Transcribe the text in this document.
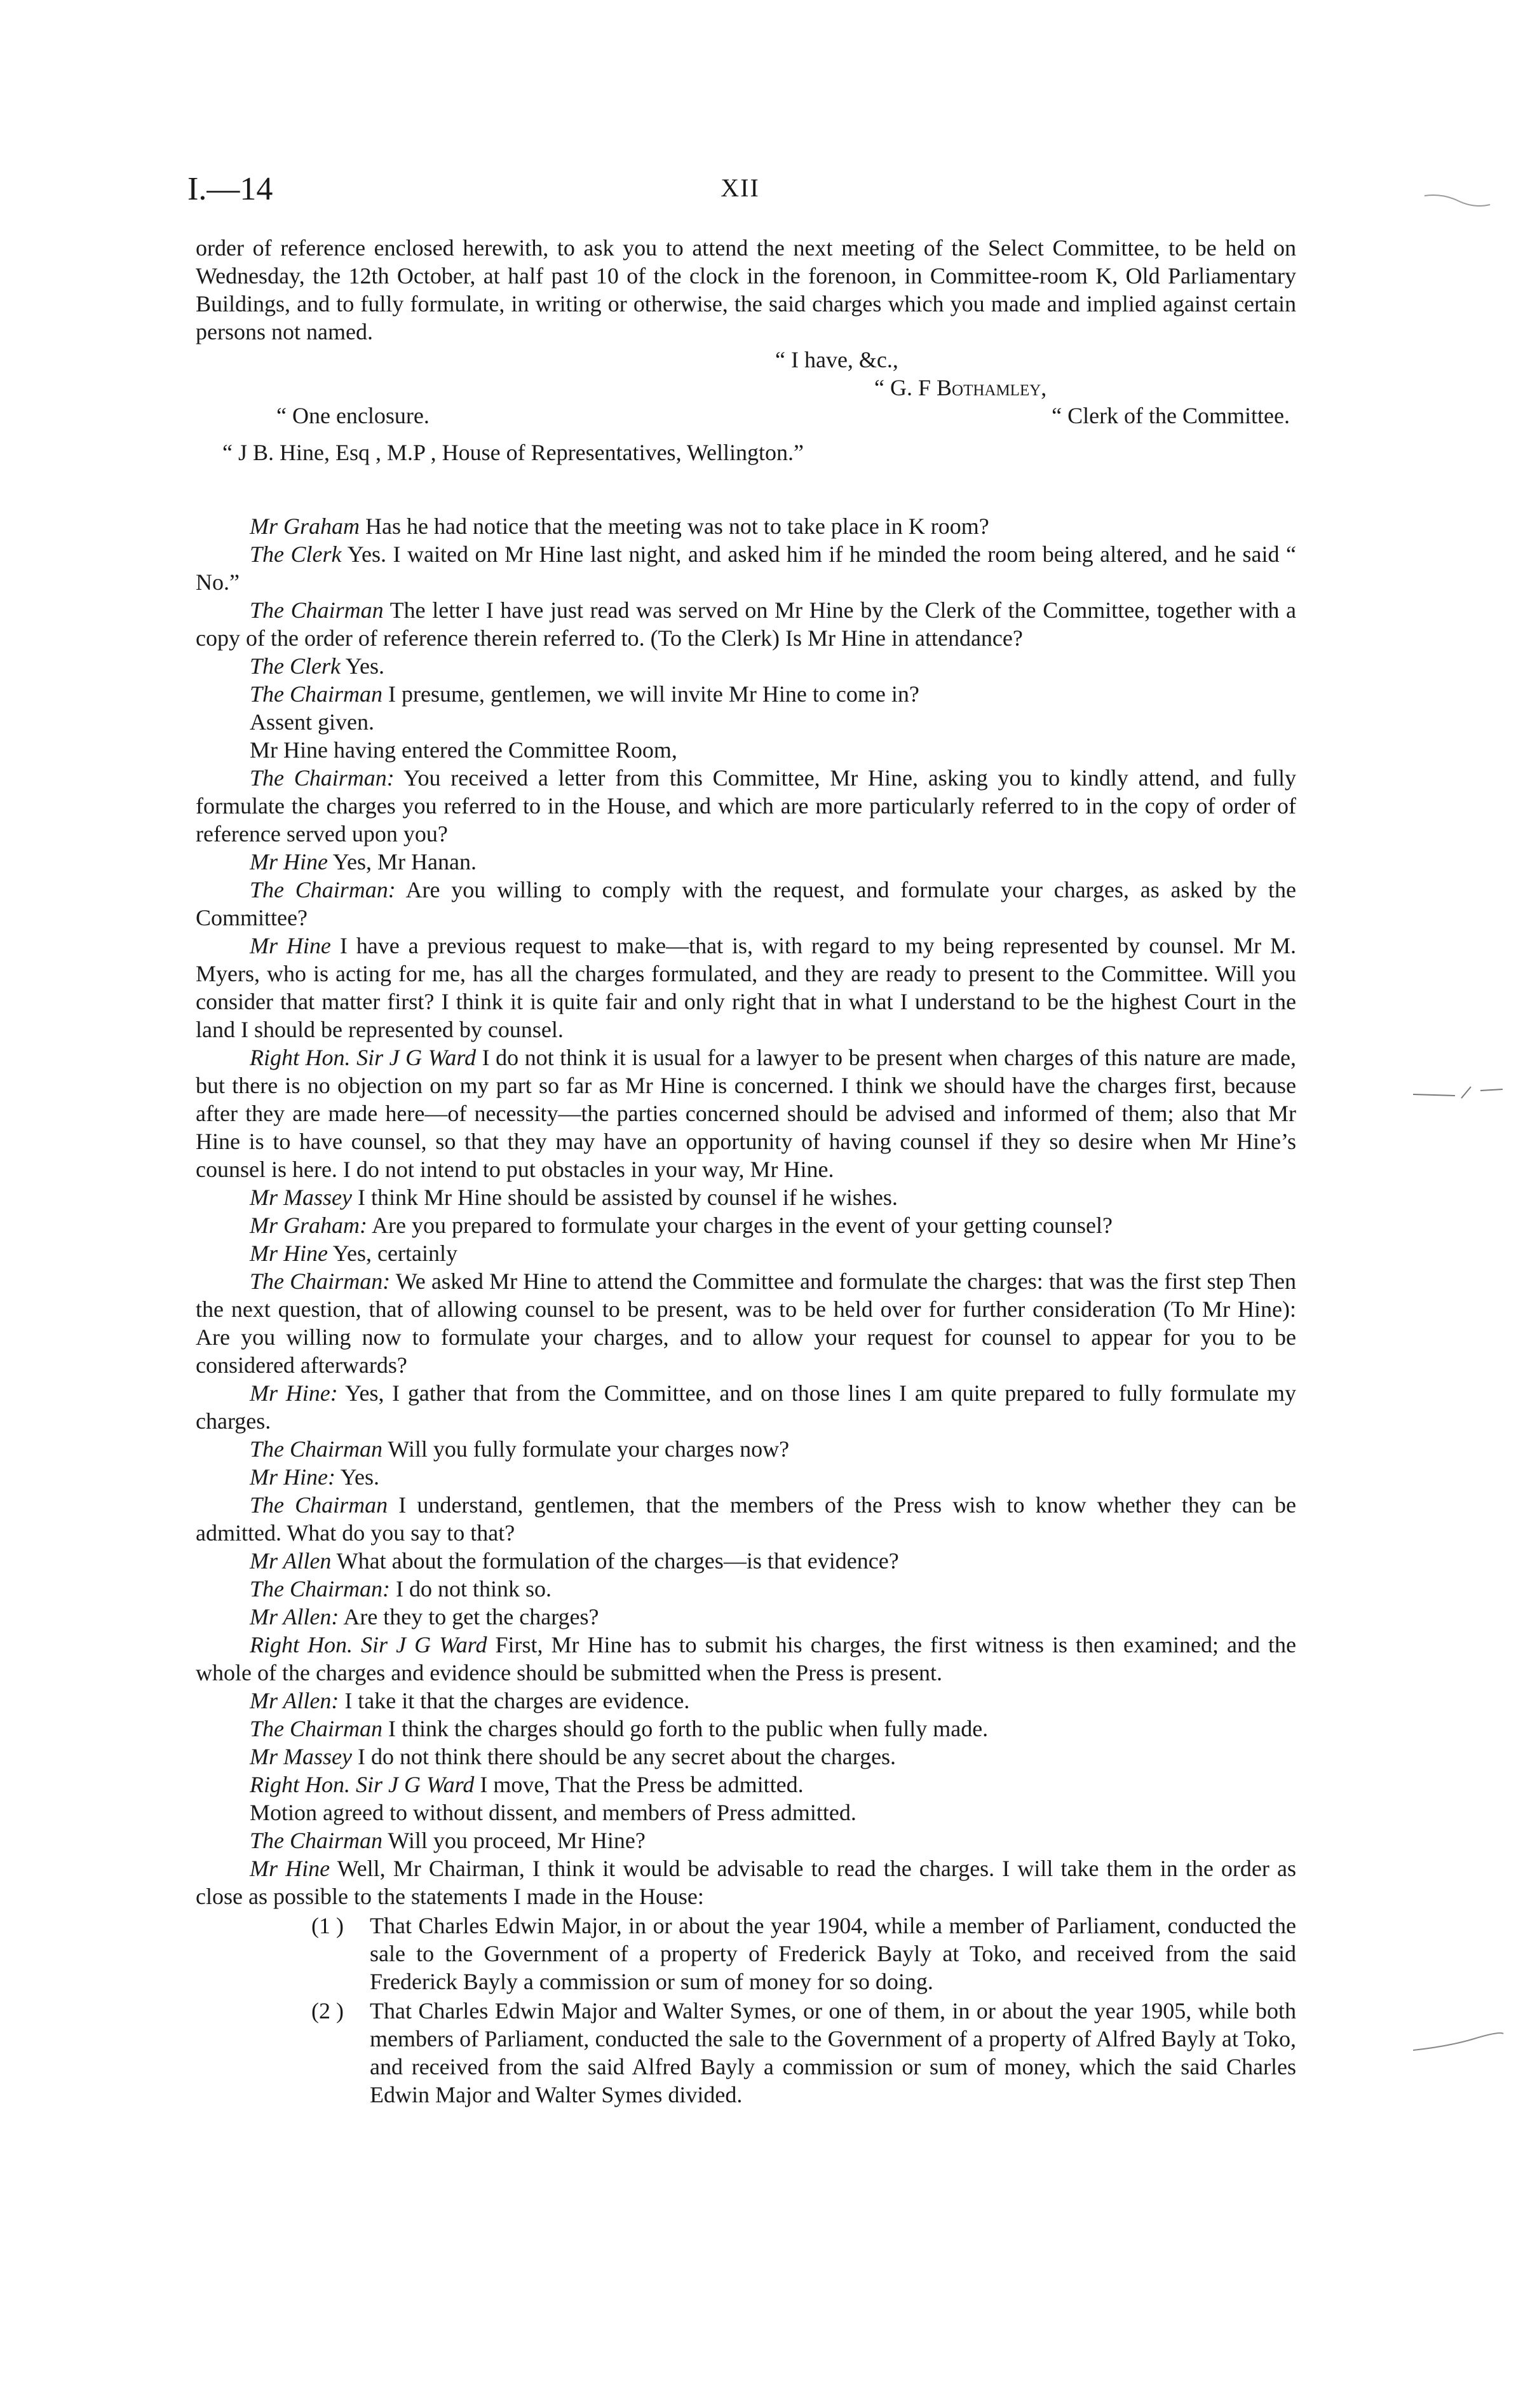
I.—14	XII

order of reference enclosed herewith, to ask you to attend the next meeting of the Select Committee, to be held on Wednesday, the 12th October, at half past 10 of the clock in the forenoon, in Committee-room K, Old Parliamentary Buildings, and to fully formulate, in writing or otherwise, the said charges which you made and implied against certain persons not named.

“ I have, &c.,

“ G. F Bothamley,

“ One enclosure.	“ Clerk of the Committee.

“ J B. Hine, Esq , M.P , House of Representatives, Wellington.”

Mr Graham Has he had notice that the meeting was not to take place in K room?

The Clerk Yes. I waited on Mr Hine last night, and asked him if he minded the room being altered, and he said “ No.”

The Chairman The letter I have just read was served on Mr Hine by the Clerk of the Committee, together with a copy of the order of reference therein referred to. (To the Clerk) Is Mr Hine in attendance?

The Clerk Yes.

The Chairman I presume, gentlemen, we will invite Mr Hine to come in?

Assent given.

Mr Hine having entered the Committee Room,

The Chairman: You received a letter from this Committee, Mr Hine, asking you to kindly attend, and fully formulate the charges you referred to in the House, and which are more particularly referred to in the copy of order of reference served upon you?

Mr Hine Yes, Mr Hanan.

The Chairman: Are you willing to comply with the request, and formulate your charges, as asked by the Committee?

Mr Hine I have a previous request to make—that is, with regard to my being represented by counsel. Mr M. Myers, who is acting for me, has all the charges formulated, and they are ready to present to the Committee. Will you consider that matter first? I think it is quite fair and only right that in what I understand to be the highest Court in the land I should be represented by counsel.

Right Hon. Sir J G Ward I do not think it is usual for a lawyer to be present when charges of this nature are made, but there is no objection on my part so far as Mr Hine is concerned. I think we should have the charges first, because after they are made here—of necessity—the parties concerned should be advised and informed of them; also that Mr Hine is to have counsel, so that they may have an opportunity of having counsel if they so desire when Mr Hine’s counsel is here. I do not intend to put obstacles in your way, Mr Hine.

Mr Massey I think Mr Hine should be assisted by counsel if he wishes.

Mr Graham: Are you prepared to formulate your charges in the event of your getting counsel?

Mr Hine Yes, certainly

The Chairman: We asked Mr Hine to attend the Committee and formulate the charges: that was the first step Then the next question, that of allowing counsel to be present, was to be held over for further consideration (To Mr Hine): Are you willing now to formulate your charges, and to allow your request for counsel to appear for you to be considered afterwards?

Mr Hine: Yes, I gather that from the Committee, and on those lines I am quite prepared to fully formulate my charges.

The Chairman Will you fully formulate your charges now?

Mr Hine: Yes.

The Chairman I understand, gentlemen, that the members of the Press wish to know whether they can be admitted. What do you say to that?

Mr Allen What about the formulation of the charges—is that evidence?

The Chairman: I do not think so.

Mr Allen: Are they to get the charges?

Right Hon. Sir J G Ward First, Mr Hine has to submit his charges, the first witness is then examined; and the whole of the charges and evidence should be submitted when the Press is present.

Mr Allen: I take it that the charges are evidence.

The Chairman I think the charges should go forth to the public when fully made.

Mr Massey I do not think there should be any secret about the charges.

Right Hon. Sir J G Ward I move, That the Press be admitted.

Motion agreed to without dissent, and members of Press admitted.

The Chairman Will you proceed, Mr Hine?

Mr Hine Well, Mr Chairman, I think it would be advisable to read the charges. I will take them in the order as close as possible to the statements I made in the House:

(1 )	That Charles Edwin Major, in or about the year 1904, while a member of Parliament, conducted the sale to the Government of a property of Frederick Bayly at Toko, and received from the said Frederick Bayly a commission or sum of money for so doing.
(2 )	That Charles Edwin Major and Walter Symes, or one of them, in or about the year 1905, while both members of Parliament, conducted the sale to the Government of a property of Alfred Bayly at Toko, and received from the said Alfred Bayly a commission or sum of money, which the said Charles Edwin Major and Walter Symes divided.
